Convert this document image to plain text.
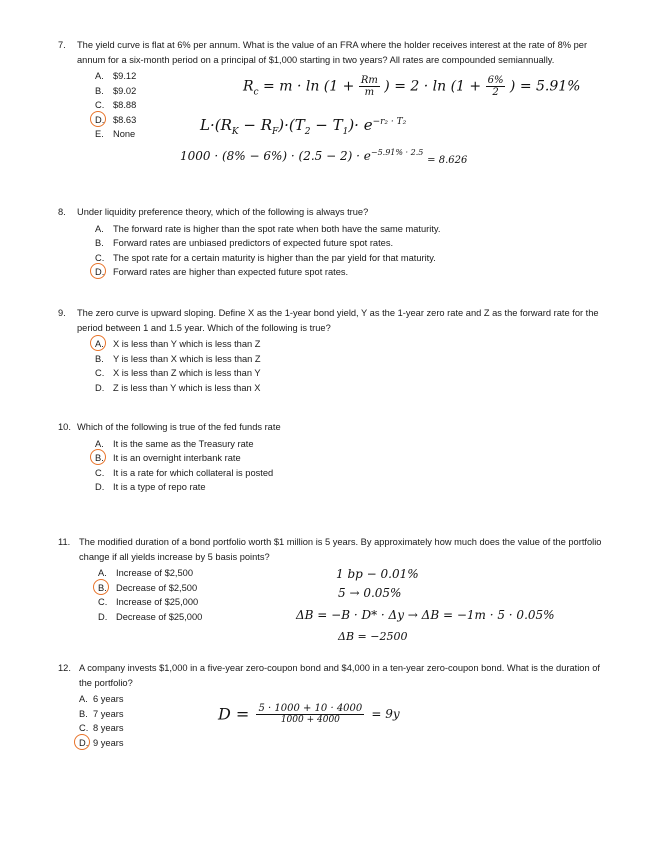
7.	The yield curve is flat at 6% per annum. What is the value of an FRA where the holder receives interest at the rate of 8% per annum for a six-month period on a principal of $1,000 starting in two years? All rates are compounded semiannually.
A. $9.12
B. $9.02
C. $8.88
D. $8.63
E. None
$R_c = m \cdot \ln (1 + \frac{Rm}{m}$ ) = $2 \cdot \ln (1 + \frac{6\%}{2}$ ) = 5.91%
$L\cdot(R_K - R_F)\cdot(T_2 - T_1)\cdot e^{-r_2 \cdot T_2}$
$1000 \cdot (8\% - 6\%) \cdot (2.5 - 2) \cdot e^{-5.91\% \cdot 2.5}$ $_{= 8.626}$
8.	Under liquidity preference theory, which of the following is always true?
A. The forward rate is higher than the spot rate when both have the same maturity.
B. Forward rates are unbiased predictors of expected future spot rates.
C. The spot rate for a certain maturity is higher than the par yield for that maturity.
D. Forward rates are higher than expected future spot rates.
9.	The zero curve is upward sloping. Define X as the 1-year bond yield, Y as the 1-year zero rate and Z as the forward rate for the period between 1 and 1.5 year. Which of the following is true?
A. X is less than Y which is less than Z
B. Y is less than X which is less than Z
C. X is less than Z which is less than Y
D. Z is less than Y which is less than X
10. Which of the following is true of the fed funds rate
A. It is the same as the Treasury rate
B. It is an overnight interbank rate
C. It is a rate for which collateral is posted
D. It is a type of repo rate
11. The modified duration of a bond portfolio worth $1 million is 5 years. By approximately how much does the value of the portfolio change if all yields increase by 5 basis points?
A. Increase of $2,500
B. Decrease of $2,500
C. Increase of $25,000
D. Decrease of $25,000
1 bp − 0.01%
5 → 0.05%
ΔB = −B · D* · Δy → ΔB = −1m · 5 · 0.05%
ΔB = −2500
12. A company invests $1,000 in a five-year zero-coupon bond and $4,000 in a ten-year zero-coupon bond. What is the duration of the portfolio?
A. 6 years
B. 7 years
C. 8 years
D. 9 years
$D = \frac{5 \cdot 1000 + 10 \cdot 4000}{1000 + 4000} = 9y$
